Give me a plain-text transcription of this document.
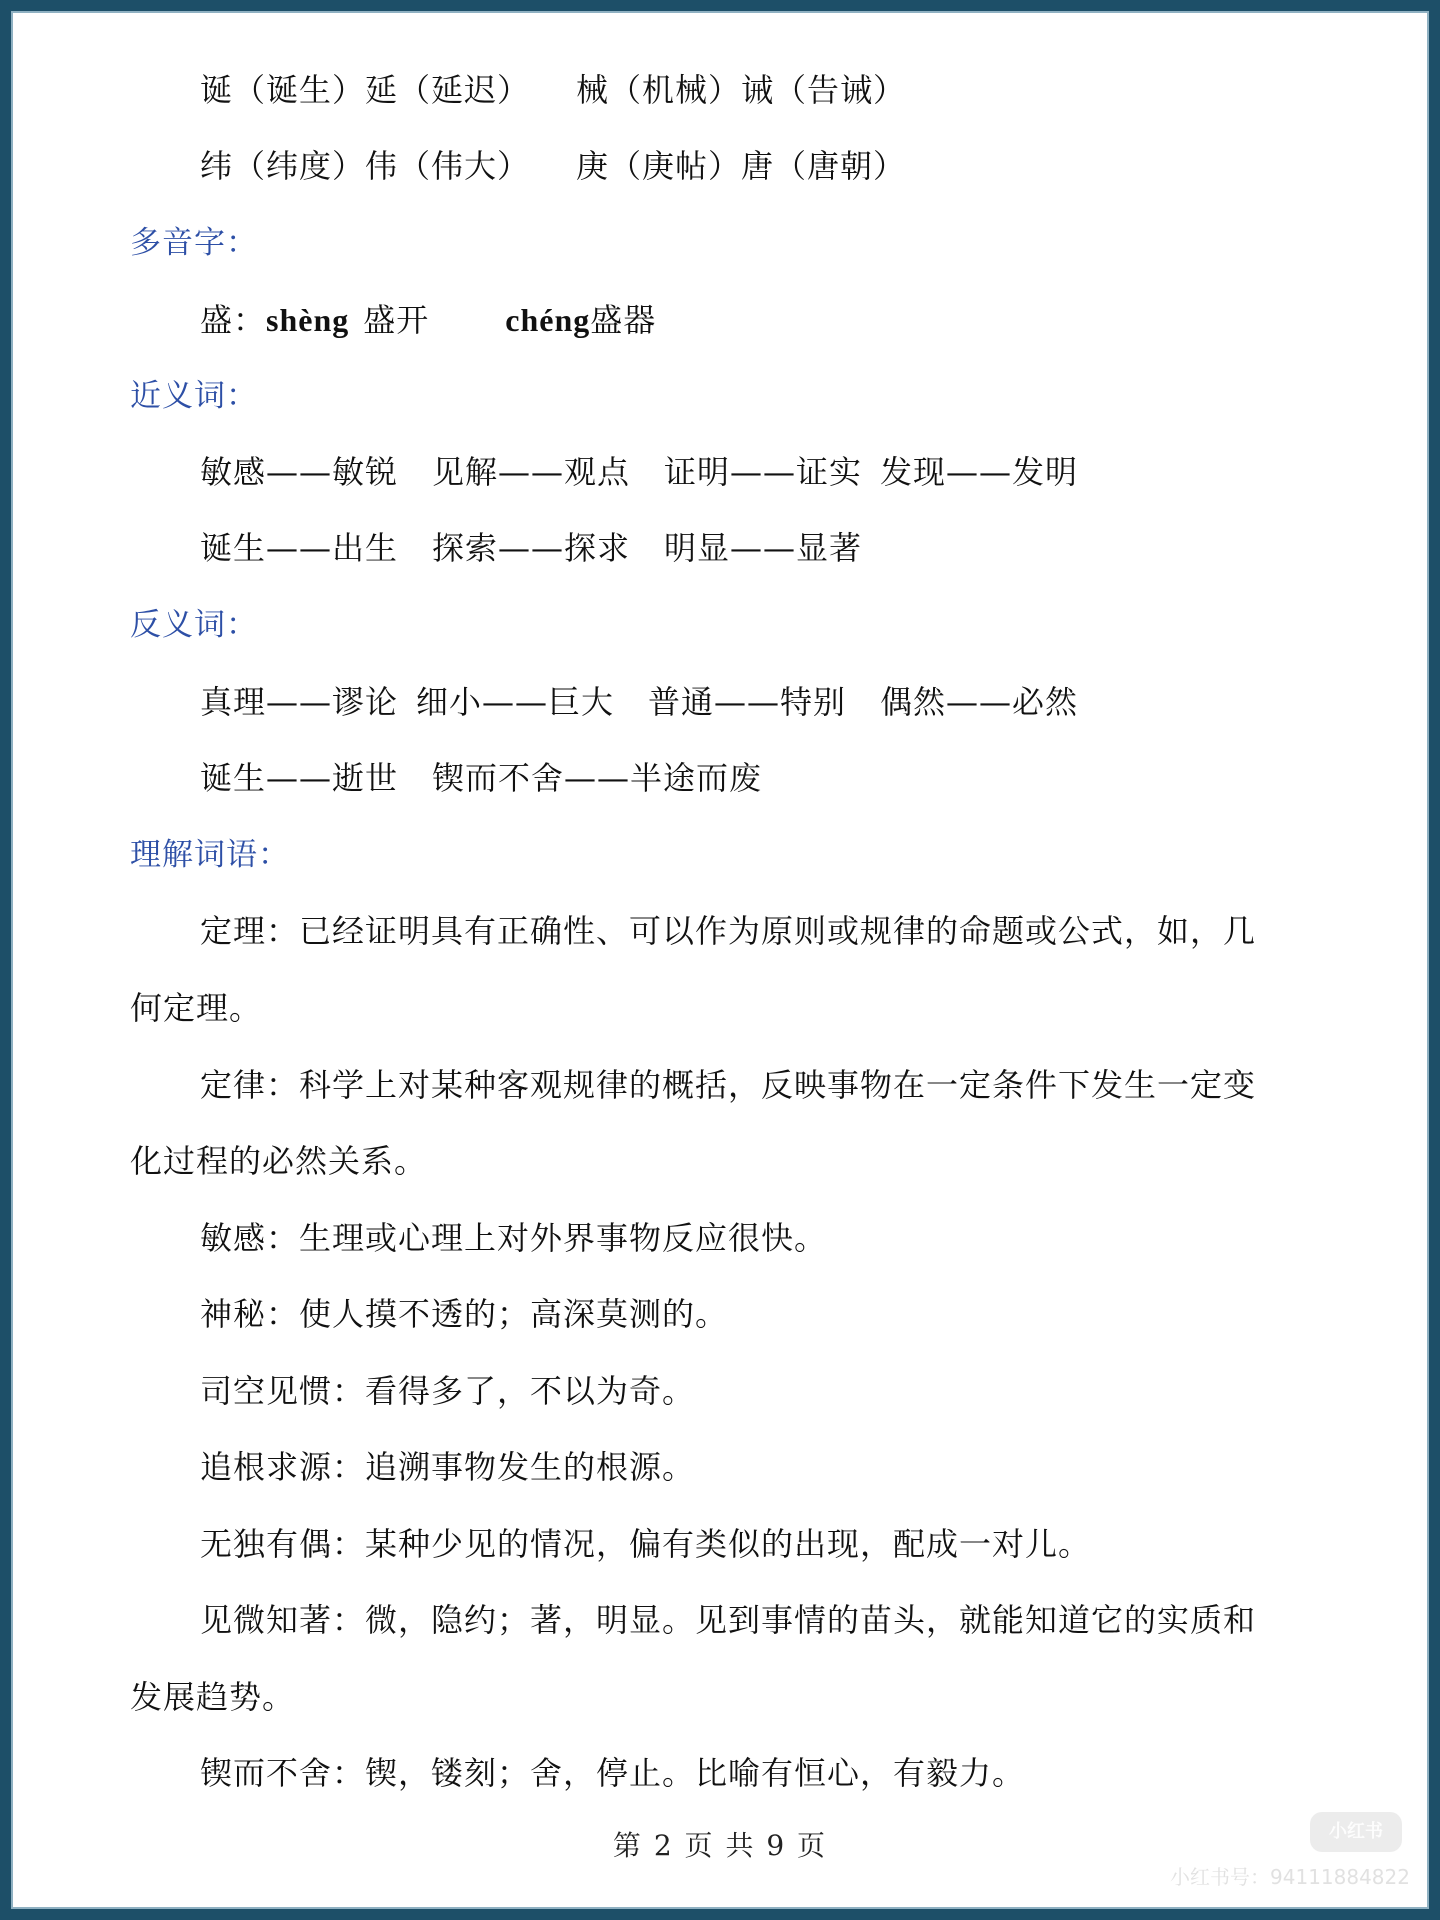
诞（诞生）延（延迟） 械（机械）诫（告诫）
纬（纬度）伟（伟大） 庚（庚帖）唐（唐朝）
多音字：
盛：shèng 盛开 chéng盛器
近义词：
敏感——敏锐 见解——观点 证明——证实 发现——发明
诞生——出生 探索——探求 明显——显著
反义词：
真理——谬论 细小——巨大 普通——特别 偶然——必然
诞生——逝世 锲而不舍——半途而废
理解词语：
定理：已经证明具有正确性、可以作为原则或规律的命题或公式，如，几
何定理。
定律：科学上对某种客观规律的概括，反映事物在一定条件下发生一定变
化过程的必然关系。
敏感：生理或心理上对外界事物反应很快。
神秘：使人摸不透的；高深莫测的。
司空见惯：看得多了，不以为奇。
追根求源：追溯事物发生的根源。
无独有偶：某种少见的情况，偏有类似的出现，配成一对儿。
见微知著：微，隐约；著，明显。见到事情的苗头，就能知道它的实质和
发展趋势。
锲而不舍：锲，镂刻；舍，停止。比喻有恒心，有毅力。
第 2 页 共 9 页	小红书
小红书号：94111884822
